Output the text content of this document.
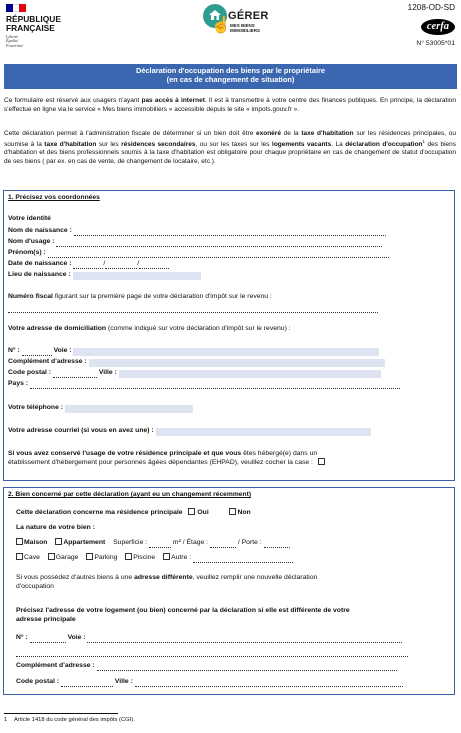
RÉPUBLIQUE
FRANÇAISE
Liberté
Égalité
Fraternité
☝
GÉRER
MES BIENS
IMMOBILIERS
1208-OD-SD
cerfa
N° 53005*01
Déclaration d'occupation des biens par le propriétaire
(en cas de changement de situation)
Ce formulaire est réservé aux usagers n'ayant pas accès à internet. Il est à transmettre à votre centre des finances publiques. En principe, la déclaration s'effectue en ligne via le service « Mes biens immobiliers » accessible depuis le site « impots.gouv.fr ».
Cette déclaration permet à l'administration fiscale de déterminer si un bien doit être exonéré de la taxe d'habitation sur les résidences principales, ou soumise à la taxe d'habitation sur les résidences secondaires, ou sur les taxes sur les logements vacants. La déclaration d'occupation$^1$ des biens d'habitation et des biens professionnels soumis à la taxe d'habitation est obligatoire pour chaque propriétaire en cas de changement de statut d'occupation de ses biens ( par ex. en cas de vente, de changement de locataire, etc.).
1. Précisez vos coordonnées
Votre identité
Nom de naissance :
Nom d'usage :
Prénom(s) :
Date de naissance :	/	/
Lieu de naissance :
Numéro fiscal figurant sur la première page de votre déclaration d'impôt sur le revenu :
Votre adresse de domiciliation (comme indiqué sur votre déclaration d'impôt sur le revenu) :
N° :	Voie :
Complément d'adresse :
Code postal :	Ville :
Pays :
Votre téléphone :
Votre adresse courriel (si vous en avez une) :
Si vous avez conservé l'usage de votre résidence principale et que vous êtes hébergé(e) dans un
établissement d'hébergement pour personnes âgées dépendantes (EHPAD), veuillez cocher la case :
2. Bien concerné par cette déclaration (ayant eu un changement récemment)
Cette déclaration concerne ma résidence principale Oui	Non
La nature de votre bien :
Maison Appartement Superficie :	m² / Étage :	/ Porte :
Cave Garage Parking Piscine Autre :
Si vous possédez d'autres biens à une adresse différente, veuillez remplir une nouvelle déclaration
d'occupation
Précisez l'adresse de votre logement (ou bien) concerné par la déclaration si elle est différente de votre
adresse principale
N° :	Voie :
Complément d'adresse :
Code postal :	Ville :
1 Article 1418 du code général des impôts (CGI).
